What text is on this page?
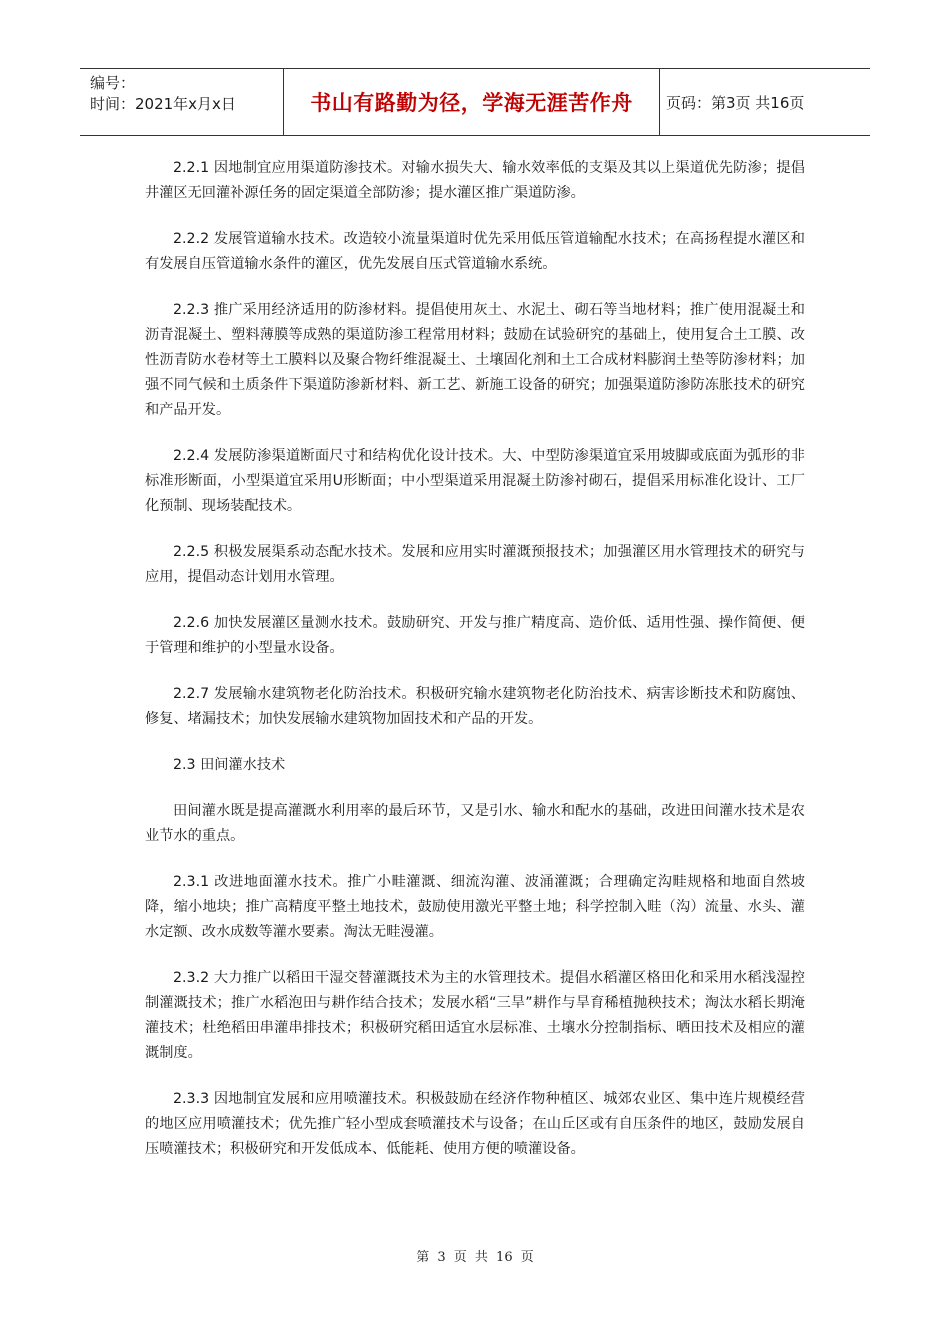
编号：
时间：2021年x月x日	书山有路勤为径，学海无涯苦作舟	页码：第3页 共16页

2.2.1 因地制宜应用渠道防渗技术。对输水损失大、输水效率低的支渠及其以上渠道优先防渗；提倡井灌区无回灌补源任务的固定渠道全部防渗；提水灌区推广渠道防渗。

2.2.2 发展管道输水技术。改造较小流量渠道时优先采用低压管道输配水技术；在高扬程提水灌区和有发展自压管道输水条件的灌区，优先发展自压式管道输水系统。

2.2.3 推广采用经济适用的防渗材料。提倡使用灰土、水泥土、砌石等当地材料；推广使用混凝土和沥青混凝土、塑料薄膜等成熟的渠道防渗工程常用材料；鼓励在试验研究的基础上，使用复合土工膜、改性沥青防水卷材等土工膜料以及聚合物纤维混凝土、土壤固化剂和土工合成材料膨润土垫等防渗材料；加强不同气候和土质条件下渠道防渗新材料、新工艺、新施工设备的研究；加强渠道防渗防冻胀技术的研究和产品开发。

2.2.4 发展防渗渠道断面尺寸和结构优化设计技术。大、中型防渗渠道宜采用坡脚或底面为弧形的非标准形断面，小型渠道宜采用U形断面；中小型渠道采用混凝土防渗衬砌石，提倡采用标准化设计、工厂化预制、现场装配技术。

2.2.5 积极发展渠系动态配水技术。发展和应用实时灌溉预报技术；加强灌区用水管理技术的研究与应用，提倡动态计划用水管理。

2.2.6 加快发展灌区量测水技术。鼓励研究、开发与推广精度高、造价低、适用性强、操作简便、便于管理和维护的小型量水设备。

2.2.7 发展输水建筑物老化防治技术。积极研究输水建筑物老化防治技术、病害诊断技术和防腐蚀、修复、堵漏技术；加快发展输水建筑物加固技术和产品的开发。

2.3 田间灌水技术

田间灌水既是提高灌溉水利用率的最后环节，又是引水、输水和配水的基础，改进田间灌水技术是农业节水的重点。

2.3.1 改进地面灌水技术。推广小畦灌溉、细流沟灌、波涌灌溉；合理确定沟畦规格和地面自然坡降，缩小地块；推广高精度平整土地技术，鼓励使用激光平整土地；科学控制入畦（沟）流量、水头、灌水定额、改水成数等灌水要素。淘汰无畦漫灌。

2.3.2 大力推广以稻田干湿交替灌溉技术为主的水管理技术。提倡水稻灌区格田化和采用水稻浅湿控制灌溉技术；推广水稻泡田与耕作结合技术；发展水稻“三旱”耕作与旱育稀植抛秧技术；淘汰水稻长期淹灌技术；杜绝稻田串灌串排技术；积极研究稻田适宜水层标准、土壤水分控制指标、晒田技术及相应的灌溉制度。

2.3.3 因地制宜发展和应用喷灌技术。积极鼓励在经济作物种植区、城郊农业区、集中连片规模经营的地区应用喷灌技术；优先推广轻小型成套喷灌技术与设备；在山丘区或有自压条件的地区，鼓励发展自压喷灌技术；积极研究和开发低成本、低能耗、使用方便的喷灌设备。

第 3 页 共 16 页
